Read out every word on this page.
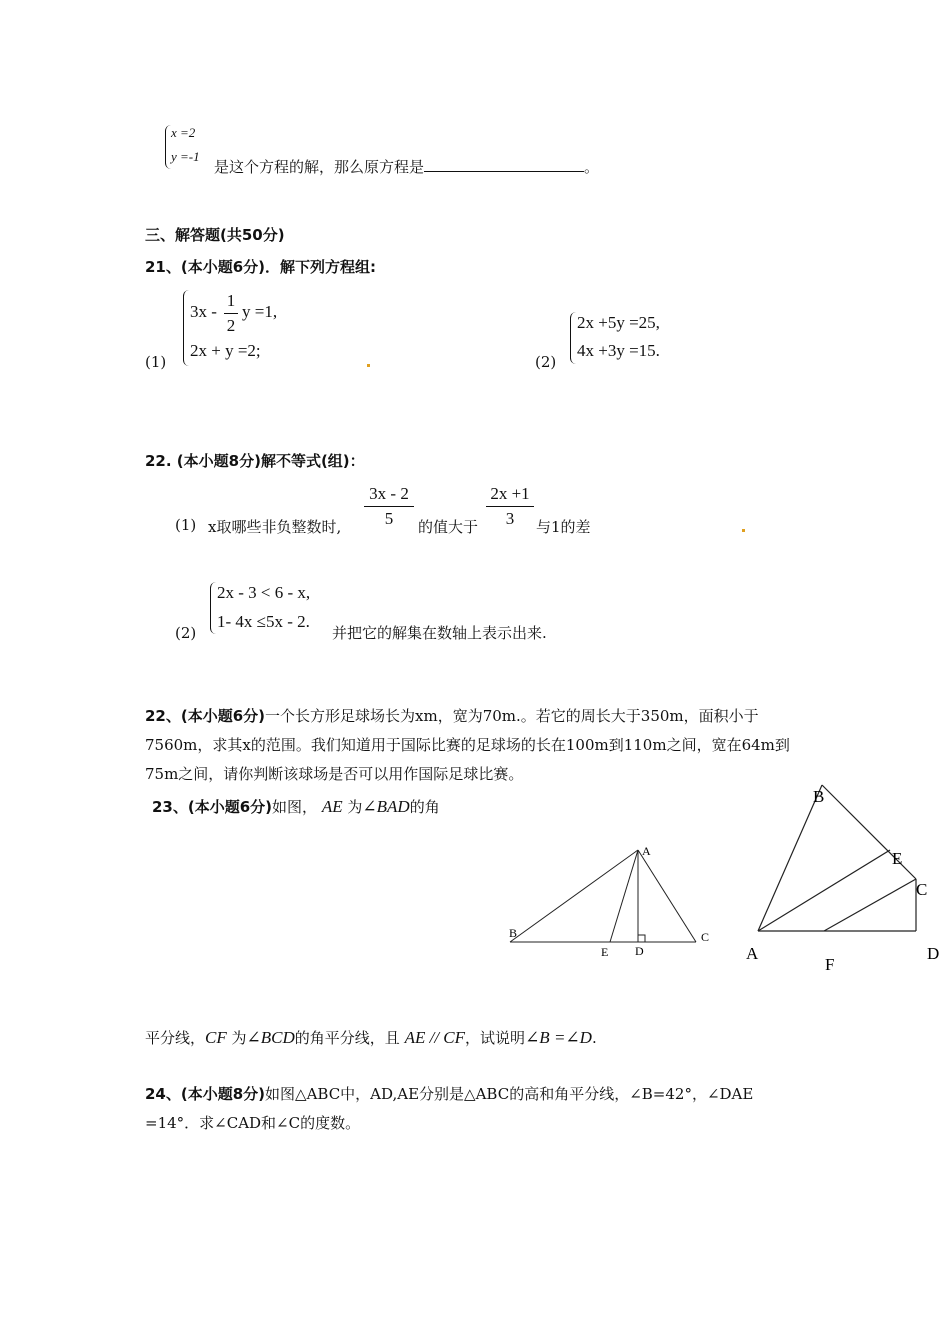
x =2
y =-1
是这个方程的解，那么原方程是	。
三、解答题(共50分)
21、(本小题6分)．解下列方程组:
(1)
3x -
1
2
y =1,
2x + y =2;
(2)
2x +5y =25,
4x +3y =15.
22. (本小题8分)解不等式(组)：
(1) x取哪些非负整数时,
3x - 2
5	的值大于
2x +1
3	与1的差
(2)
2x - 3 < 6 - x,
1- 4x ≤5x - 2.
并把它的解集在数轴上表示出来.
22、(本小题6分)一个长方形足球场长为xm，宽为70m.。若它的周长大于350m，面积小于7560m，求其x的范围。我们知道用于国际比赛的足球场的长在100m到110m之间，宽在64m到75m之间，请你判断该球场是否可以用作国际足球比赛。
23、(本小题6分)如图， AE 为∠BAD的角
A
B	C
E D
B
E
C
A
F
D
平分线，CF 为∠BCD的角平分线，且 AE // CF，试说明∠B =∠D.
24、(本小题8分)如图△ABC中，AD,AE分别是△ABC的高和角平分线，∠B=42°，∠DAE =14°．求∠CAD和∠C的度数。
